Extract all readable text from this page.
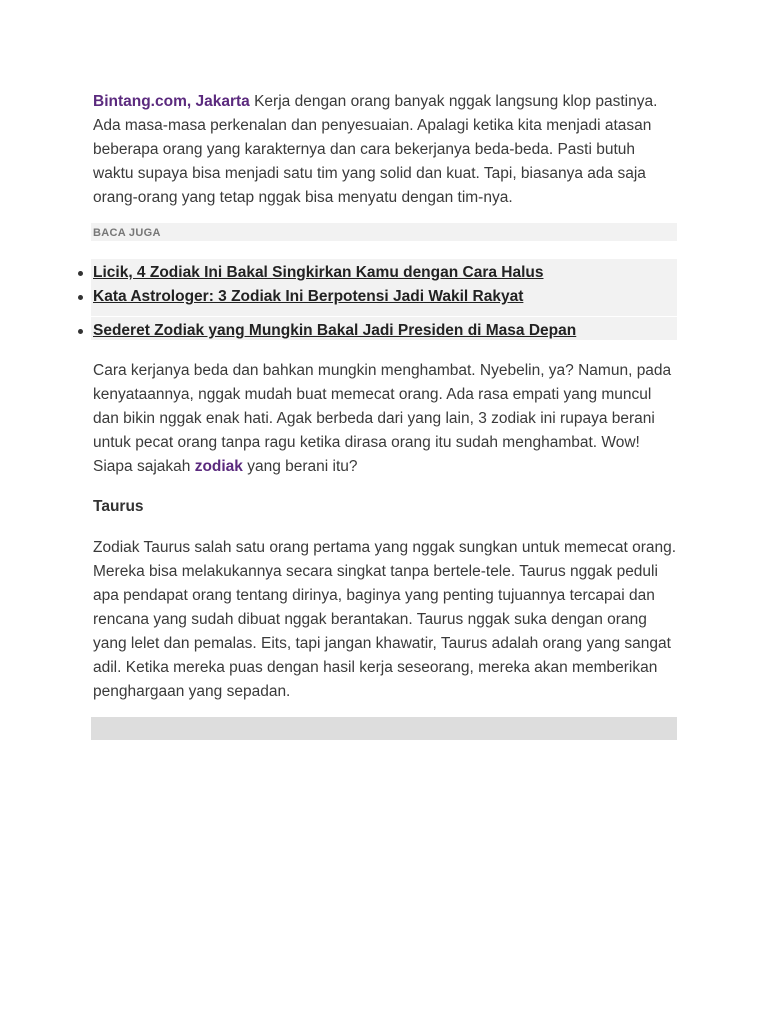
Bintang.com, Jakarta Kerja dengan orang banyak nggak langsung klop pastinya. Ada masa-masa perkenalan dan penyesuaian. Apalagi ketika kita menjadi atasan beberapa orang yang karakternya dan cara bekerjanya beda-beda. Pasti butuh waktu supaya bisa menjadi satu tim yang solid dan kuat. Tapi, biasanya ada saja orang-orang yang tetap nggak bisa menyatu dengan tim-nya.

BACA JUGA
Licik, 4 Zodiak Ini Bakal Singkirkan Kamu dengan Cara Halus
Kata Astrologer: 3 Zodiak Ini Berpotensi Jadi Wakil Rakyat
Sederet Zodiak yang Mungkin Bakal Jadi Presiden di Masa Depan

Cara kerjanya beda dan bahkan mungkin menghambat. Nyebelin, ya? Namun, pada kenyataannya, nggak mudah buat memecat orang. Ada rasa empati yang muncul dan bikin nggak enak hati. Agak berbeda dari yang lain, 3 zodiak ini rupaya berani untuk pecat orang tanpa ragu ketika dirasa orang itu sudah menghambat. Wow! Siapa sajakah zodiak yang berani itu?

Taurus

Zodiak Taurus salah satu orang pertama yang nggak sungkan untuk memecat orang. Mereka bisa melakukannya secara singkat tanpa bertele-tele. Taurus nggak peduli apa pendapat orang tentang dirinya, baginya yang penting tujuannya tercapai dan rencana yang sudah dibuat nggak berantakan. Taurus nggak suka dengan orang yang lelet dan pemalas. Eits, tapi jangan khawatir, Taurus adalah orang yang sangat adil. Ketika mereka puas dengan hasil kerja seseorang, mereka akan memberikan penghargaan yang sepadan.
